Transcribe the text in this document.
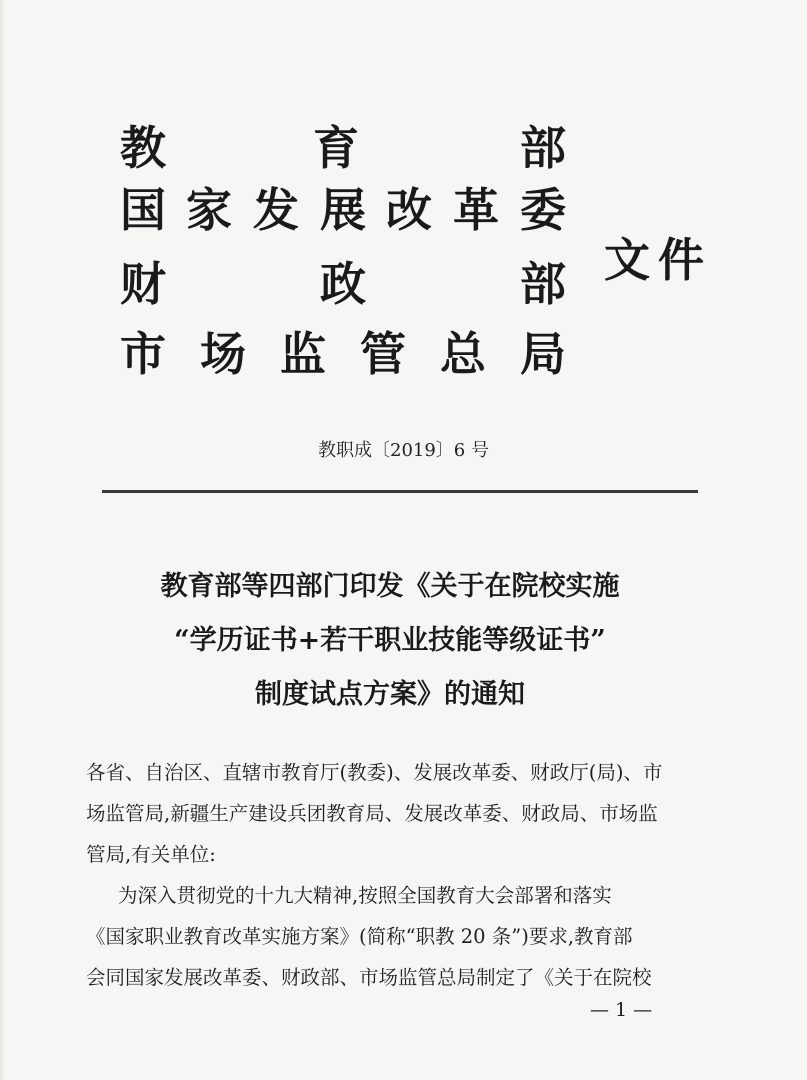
教	育	部
国 家 发 展 改 革 委
财	政	部
市 场 监 管 总 局
文件
教职成〔2019〕6 号
教育部等四部门印发《关于在院校实施
“学历证书+若干职业技能等级证书”
制度试点方案》的通知

各省、自治区、直辖市教育厅(教委)、发展改革委、财政厅(局)、市

场监管局,新疆生产建设兵团教育局、发展改革委、财政局、市场监

管局,有关单位:

为深入贯彻党的十九大精神,按照全国教育大会部署和落实

《国家职业教育改革实施方案》(简称“职教 20 条”)要求,教育部

会同国家发展改革委、财政部、市场监管总局制定了《关于在院校

— 1 —
